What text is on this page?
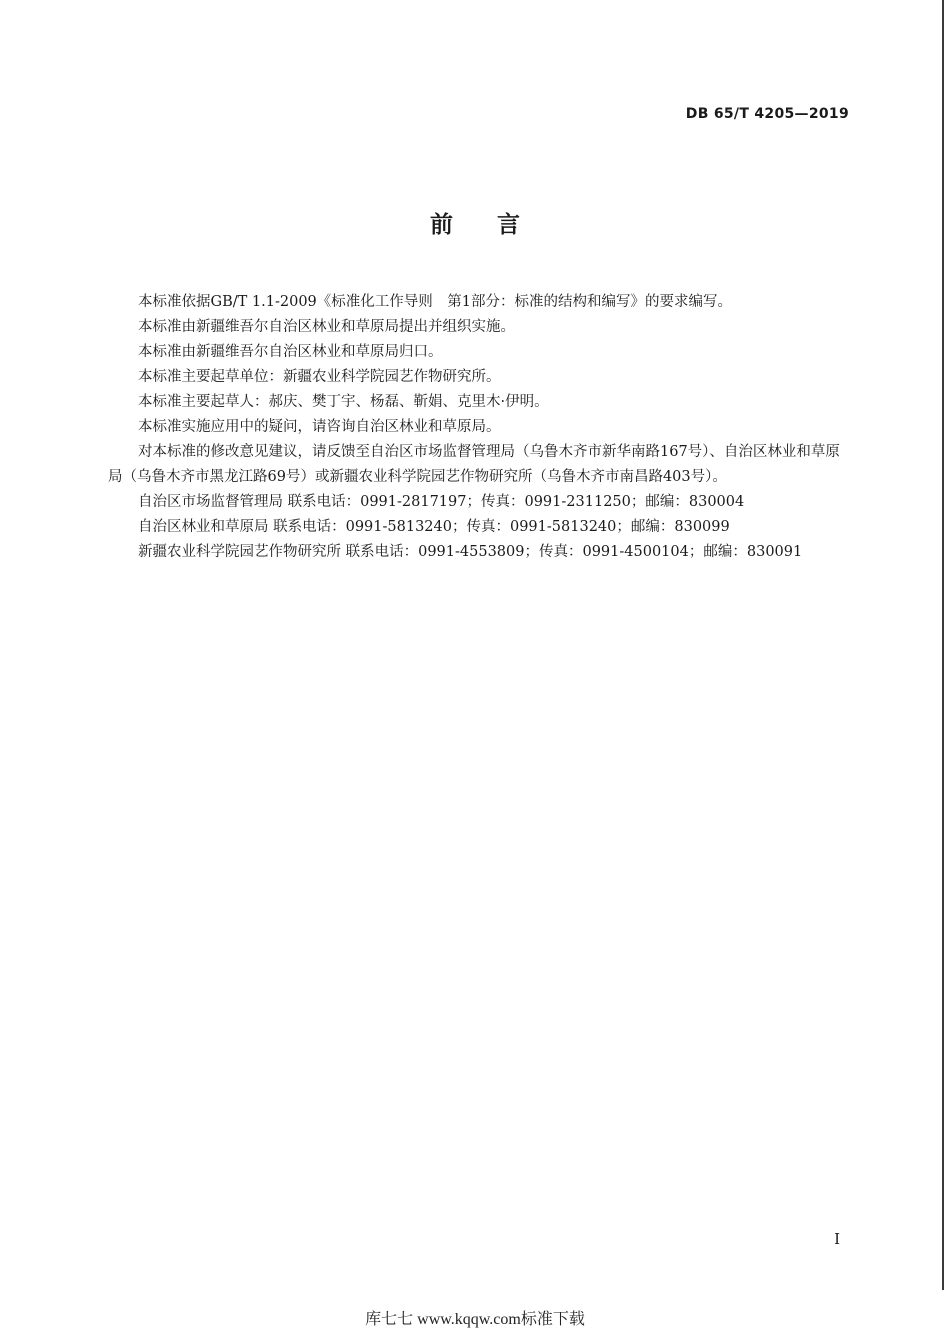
DB 65/T 4205—2019
前 言

本标准依据GB/T 1.1-2009《标准化工作导则　第1部分：标准的结构和编写》的要求编写。

本标准由新疆维吾尔自治区林业和草原局提出并组织实施。

本标准由新疆维吾尔自治区林业和草原局归口。

本标准主要起草单位：新疆农业科学院园艺作物研究所。

本标准主要起草人：郝庆、樊丁宇、杨磊、靳娟、克里木·伊明。

本标准实施应用中的疑问，请咨询自治区林业和草原局。

对本标准的修改意见建议，请反馈至自治区市场监督管理局（乌鲁木齐市新华南路167号）、自治区林业和草原局（乌鲁木齐市黑龙江路69号）或新疆农业科学院园艺作物研究所（乌鲁木齐市南昌路403号）。

自治区市场监督管理局 联系电话：0991-2817197；传真：0991-2311250；邮编：830004

自治区林业和草原局 联系电话：0991-5813240；传真：0991-5813240；邮编：830099

新疆农业科学院园艺作物研究所 联系电话：0991-4553809；传真：0991-4500104；邮编：830091

I
库七七 www.kqqw.com标准下载
